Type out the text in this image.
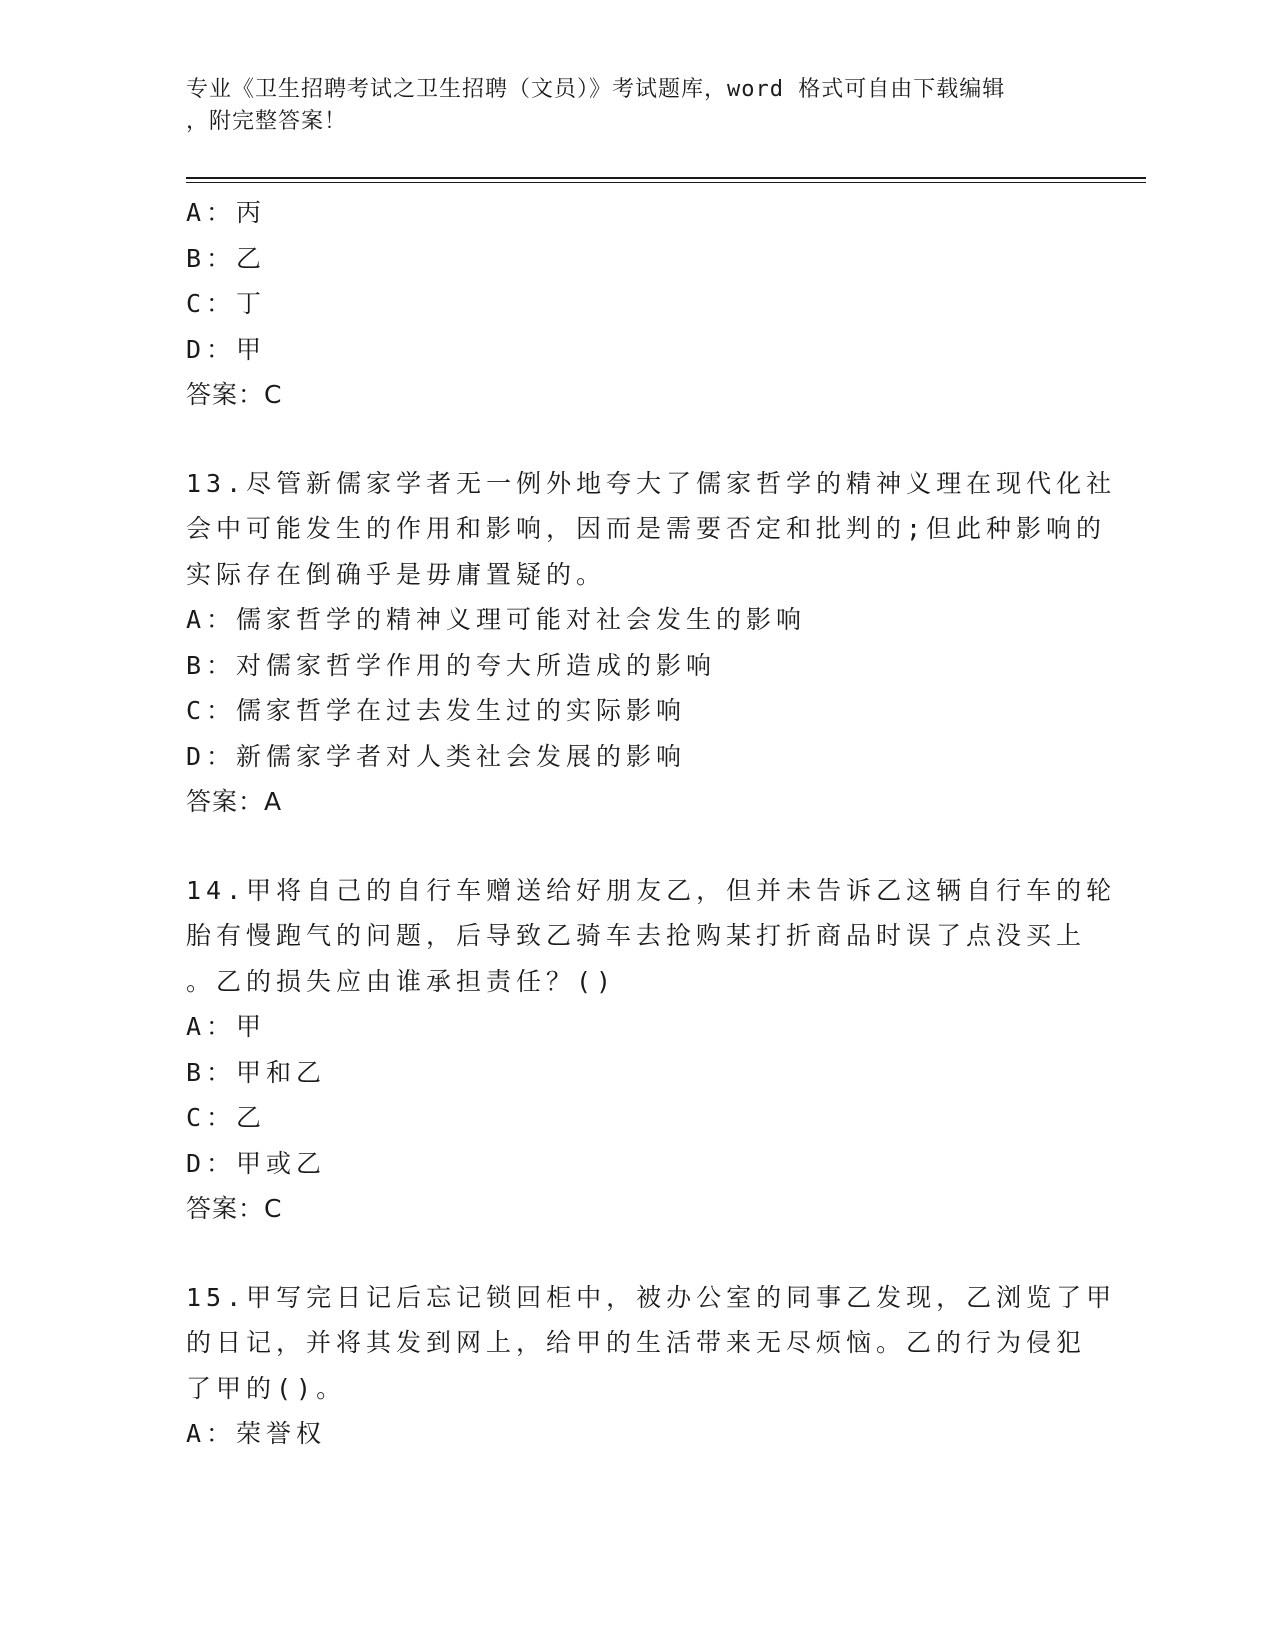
专业《卫生招聘考试之卫生招聘（文员）》考试题库，word 格式可自由下载编辑
，附完整答案！
A：丙
B：乙
C：丁
D：甲
答案：C
13.尽管新儒家学者无一例外地夸大了儒家哲学的精神义理在现代化社
会中可能发生的作用和影响，因而是需要否定和批判的;但此种影响的
实际存在倒确乎是毋庸置疑的。
A：儒家哲学的精神义理可能对社会发生的影响
B：对儒家哲学作用的夸大所造成的影响
C：儒家哲学在过去发生过的实际影响
D：新儒家学者对人类社会发展的影响
答案：A
14.甲将自己的自行车赠送给好朋友乙，但并未告诉乙这辆自行车的轮
胎有慢跑气的问题，后导致乙骑车去抢购某打折商品时误了点没买上
。乙的损失应由谁承担责任？()
A：甲
B：甲和乙
C：乙
D：甲或乙
答案：C
15.甲写完日记后忘记锁回柜中，被办公室的同事乙发现，乙浏览了甲
的日记，并将其发到网上，给甲的生活带来无尽烦恼。乙的行为侵犯
了甲的()。
A：荣誉权
